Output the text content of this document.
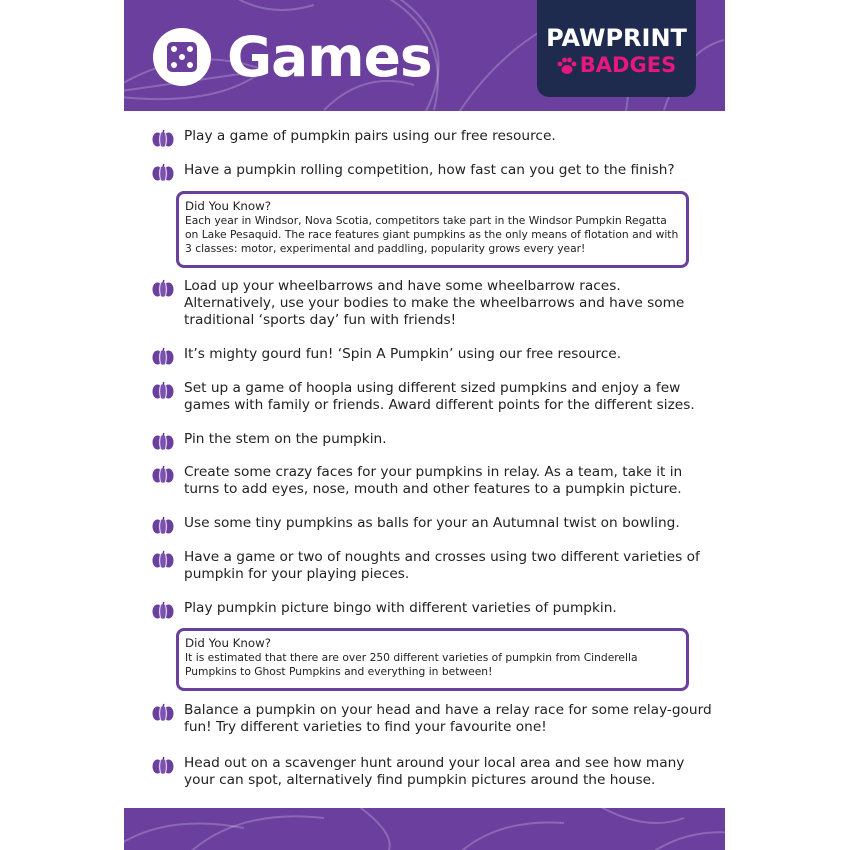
Games	PAWPRINT
BADGES
Play a game of pumpkin pairs using our free resource.
Have a pumpkin rolling competition, how fast can you get to the finish?
Did You Know?
Each year in Windsor, Nova Scotia, competitors take part in the Windsor Pumpkin Regatta on Lake Pesaquid. The race features giant pumpkins as the only means of flotation and with 3 classes: motor, experimental and paddling, popularity grows every year!
Load up your wheelbarrows and have some wheelbarrow races. Alternatively, use your bodies to make the wheelbarrows and have some traditional ‘sports day’ fun with friends!
It’s mighty gourd fun! ‘Spin A Pumpkin’ using our free resource.
Set up a game of hoopla using different sized pumpkins and enjoy a few games with family or friends. Award different points for the different sizes.
Pin the stem on the pumpkin.
Create some crazy faces for your pumpkins in relay. As a team, take it in turns to add eyes, nose, mouth and other features to a pumpkin picture.
Use some tiny pumpkins as balls for your an Autumnal twist on bowling.
Have a game or two of noughts and crosses using two different varieties of pumpkin for your playing pieces.
Play pumpkin picture bingo with different varieties of pumpkin.
Did You Know?
It is estimated that there are over 250 different varieties of pumpkin from Cinderella Pumpkins to Ghost Pumpkins and everything in between!
Balance a pumpkin on your head and have a relay race for some relay-gourd fun! Try different varieties to find your favourite one!
Head out on a scavenger hunt around your local area and see how many your can spot, alternatively find pumpkin pictures around the house.
